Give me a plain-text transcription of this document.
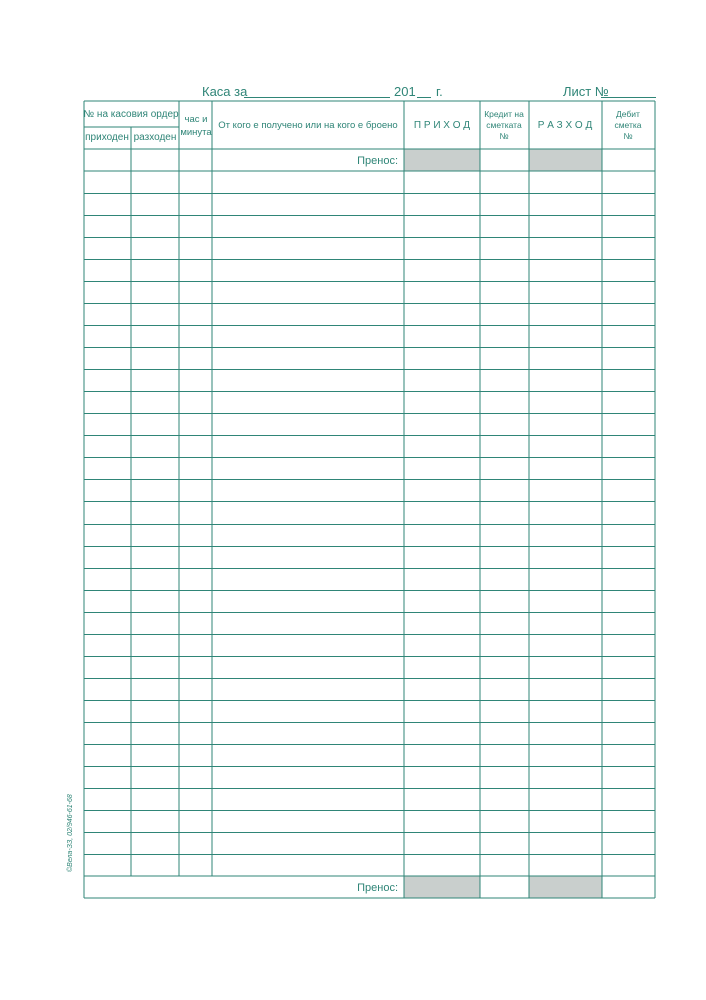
Каса за	201 г.	Лист №
№ на касовия ордер
приходен разходен
час и
минута
От кого е получено или на кого е броено П Р И Х О Д
Кредит на
сметката
№
Р А З Х О Д
Дебит
сметка
№
Пренос:
Пренос:
©Вела-ЗЗ, 02/946-61-68
